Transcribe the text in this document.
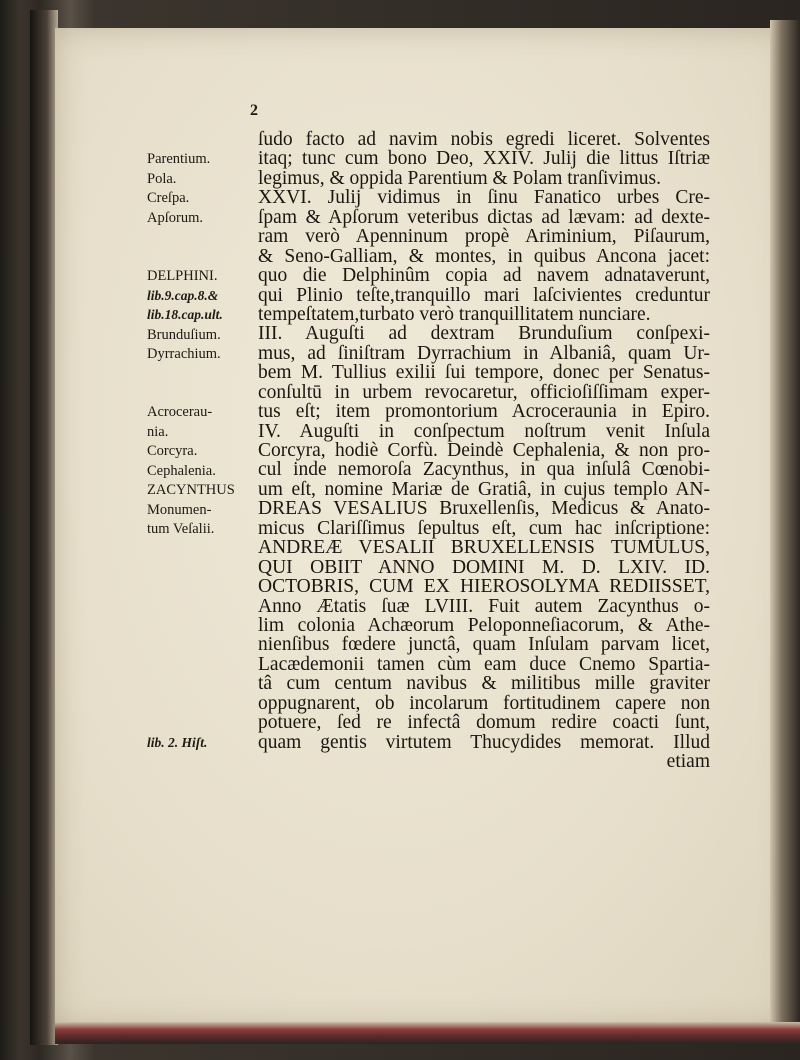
2
ſudo facto ad navim nobis egredi liceret. Solventes
itaq; tunc cum bono Deo, XXIV. Julij die littus Iſtriæ
legimus, & oppida Parentium & Polam tranſivimus.
XXVI. Julij vidimus in ſinu Fanatico urbes Cre-
ſpam & Apſorum veteribus dictas ad lævam: ad dexte-
ram verò Apenninum propè Ariminium, Piſaurum,
& Seno-Galliam, & montes, in quibus Ancona jacet:
quo die Delphinûm copia ad navem adnataverunt,
qui Plinio teſte,tranquillo mari laſcivientes creduntur
tempeſtatem,turbato verò tranquillitatem nunciare.
III. Auguſti ad dextram Brunduſium conſpexi-
mus, ad ſiniſtram Dyrrachium in Albaniâ, quam Ur-
bem M. Tullius exilii ſui tempore, donec per Senatus-
conſultū in urbem revocaretur, officioſiſſimam exper-
tus eſt; item promontorium Acroceraunia in Epiro.
IV. Auguſti in conſpectum noſtrum venit Inſula
Corcyra, hodiè Corfù. Deindè Cephalenia, & non pro-
cul inde nemoroſa Zacynthus, in qua inſulâ Cœnobi-
um eſt, nomine Mariæ de Gratiâ, in cujus templo AN-
DREAS VESALIUS Bruxellenſis, Medicus & Anato-
micus Clariſſimus ſepultus eſt, cum hac inſcriptione:
ANDREÆ VESALII BRUXELLENSIS TUMULUS,
QUI OBIIT ANNO DOMINI M. D. LXIV. ID.
OCTOBRIS, CUM EX HIEROSOLYMA REDIISSET,
Anno Ætatis ſuæ LVIII. Fuit autem Zacynthus o-
lim colonia Achæorum Peloponneſiacorum, & Athe-
nienſibus fœdere junctâ, quam Inſulam parvam licet,
Lacædemonii tamen cùm eam duce Cnemo Spartia-
tâ cum centum navibus & militibus mille graviter
oppugnarent, ob incolarum fortitudinem capere non
potuere, ſed re infectâ domum redire coacti ſunt,
quam gentis virtutem Thucydides memorat. Illud
etiam
Parentium.
Pola.
Creſpa.
Apſorum.
DELPHINI.
lib.9.cap.8.&
lib.18.cap.ult.
Brunduſium.
Dyrrachium.
Acrocerau-
nia.
Corcyra.
Cephalenia.
ZACYNTHUS
Monumen-
tum Veſalii.
lib. 2. Hiſt.
